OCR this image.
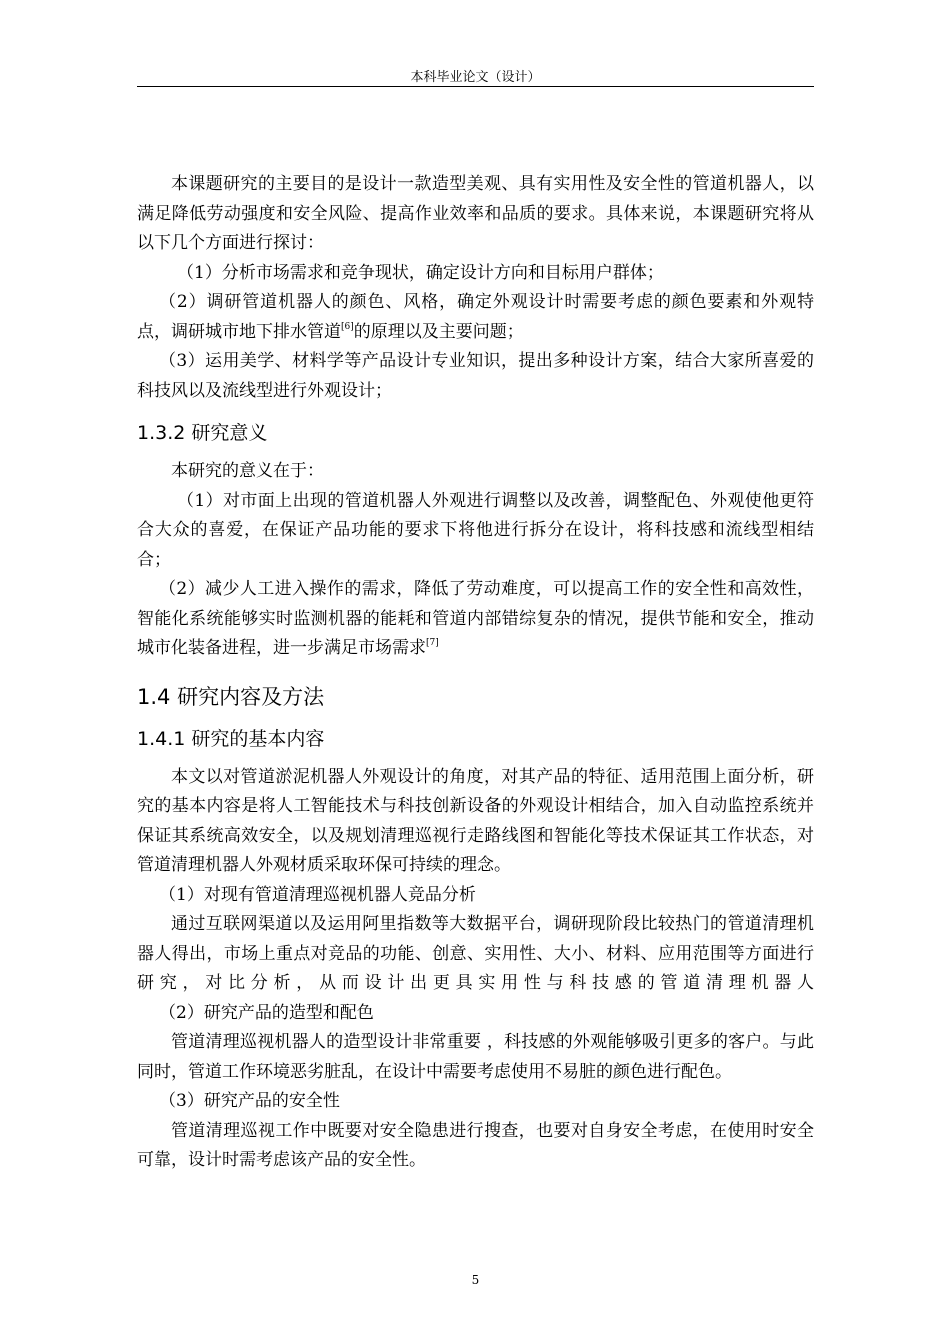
本科毕业论文（设计）

本课题研究的主要目的是设计一款造型美观、具有实用性及安全性的管道机器人，以满足降低劳动强度和安全风险、提高作业效率和品质的要求。具体来说，本课题研究将从以下几个方面进行探讨：

（1）分析市场需求和竞争现状，确定设计方向和目标用户群体；

（2）调研管道机器人的颜色、风格，确定外观设计时需要考虑的颜色要素和外观特点，调研城市地下排水管道[6]的原理以及主要问题；

（3）运用美学、材料学等产品设计专业知识，提出多种设计方案，结合大家所喜爱的科技风以及流线型进行外观设计；

1.3.2 研究意义

本研究的意义在于：

（1）对市面上出现的管道机器人外观进行调整以及改善，调整配色、外观使他更符合大众的喜爱，在保证产品功能的要求下将他进行拆分在设计，将科技感和流线型相结合；

（2）减少人工进入操作的需求，降低了劳动难度，可以提高工作的安全性和高效性，智能化系统能够实时监测机器的能耗和管道内部错综复杂的情况，提供节能和安全，推动城市化装备进程，进一步满足市场需求[7]

1.4 研究内容及方法
1.4.1 研究的基本内容

本文以对管道淤泥机器人外观设计的角度，对其产品的特征、适用范围上面分析，研究的基本内容是将人工智能技术与科技创新设备的外观设计相结合，加入自动监控系统并保证其系统高效安全，以及规划清理巡视行走路线图和智能化等技术保证其工作状态，对管道清理机器人外观材质采取环保可持续的理念。

（1）对现有管道清理巡视机器人竞品分析

通过互联网渠道以及运用阿里指数等大数据平台，调研现阶段比较热门的管道清理机器人得出，市场上重点对竞品的功能、创意、实用性、大小、材料、应用范围等方面进行研究，对比分析，从而设计出更具实用性与科技感的管道清理机器人

（2）研究产品的造型和配色

管道清理巡视机器人的造型设计非常重要 ，科技感的外观能够吸引更多的客户。与此同时，管道工作环境恶劣脏乱，在设计中需要考虑使用不易脏的颜色进行配色。

（3）研究产品的安全性

管道清理巡视工作中既要对安全隐患进行搜查，也要对自身安全考虑，在使用时安全可靠，设计时需考虑该产品的安全性。

5
